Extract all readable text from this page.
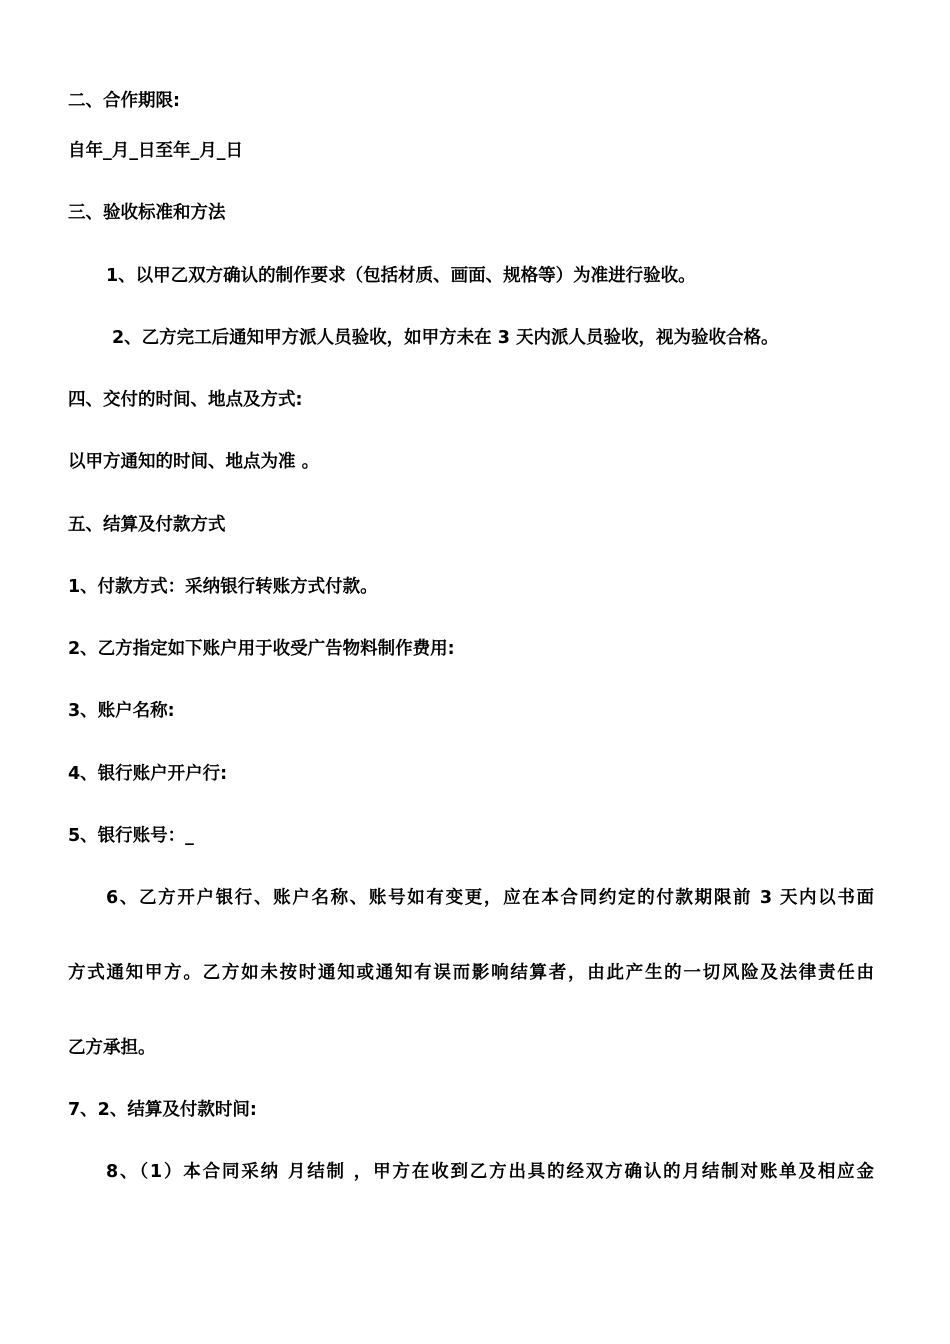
二、合作期限:
自年_月_日至年_月_日
三、验收标准和方法
1、以甲乙双方确认的制作要求（包括材质、画面、规格等）为准进行验收。
2、乙方完工后通知甲方派人员验收，如甲方未在 3 天内派人员验收，视为验收合格。
四、交付的时间、地点及方式:
以甲方通知的时间、地点为准 。
五、结算及付款方式
1、付款方式：采纳银行转账方式付款。
2、乙方指定如下账户用于收受广告物料制作费用:
3、账户名称:
4、银行账户开户行:
5、银行账号：_
6、乙方开户银行、账户名称、账号如有变更，应在本合同约定的付款期限前 3 天内以书面
方式通知甲方。乙方如未按时通知或通知有误而影响结算者，由此产生的一切风险及法律责任由
乙方承担。
7、2、结算及付款时间:
8、（1）本合同采纳 月结制 ，甲方在收到乙方出具的经双方确认的月结制对账单及相应金
